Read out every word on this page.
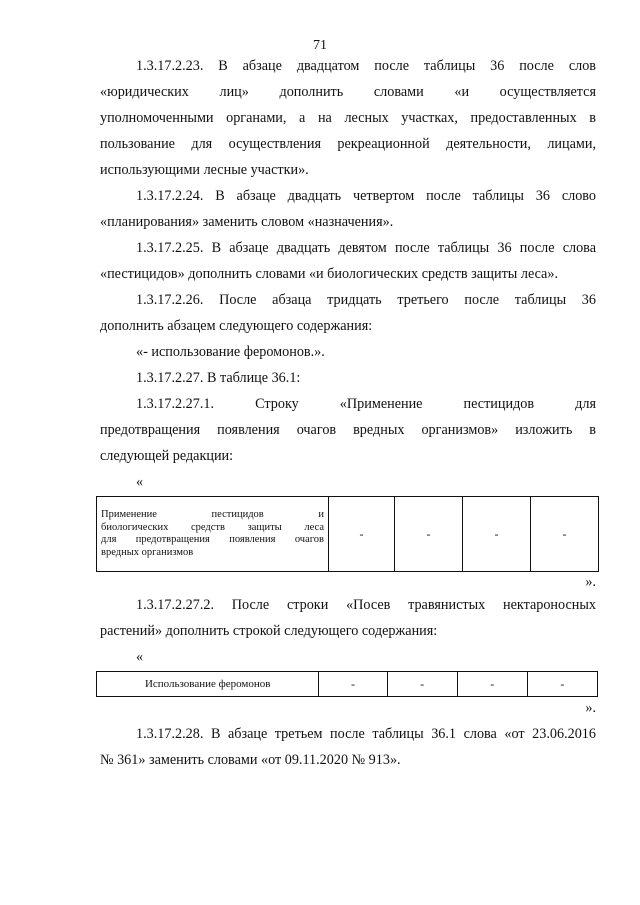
71
1.3.17.2.23. В абзаце двадцатом после таблицы 36 после слов
«юридических лиц» дополнить словами «и осуществляется
уполномоченными органами, а на лесных участках, предоставленных в
пользование для осуществления рекреационной деятельности, лицами,
использующими лесные участки».
1.3.17.2.24. В абзаце двадцать четвертом после таблицы 36 слово
«планирования» заменить словом «назначения».
1.3.17.2.25. В абзаце двадцать девятом после таблицы 36 после слова
«пестицидов» дополнить словами «и биологических средств защиты леса».
1.3.17.2.26. После абзаца тридцать третьего после таблицы 36
дополнить абзацем следующего содержания:
«- использование феромонов.».
1.3.17.2.27. В таблице 36.1:
1.3.17.2.27.1. Строку «Применение пестицидов для
предотвращения появления очагов вредных организмов» изложить в
следующей редакции:
«
Применение пестицидов и
биологических средств защиты леса
для предотвращения появления очагов
вредных организмов
	-	-	-	-
».
1.3.17.2.27.2. После строки «Посев травянистых нектароносных
растений» дополнить строкой следующего содержания:
«
Использование феромонов	-	-	-	-
».
1.3.17.2.28. В абзаце третьем после таблицы 36.1 слова «от 23.06.2016
№ 361» заменить словами «от 09.11.2020 № 913».
